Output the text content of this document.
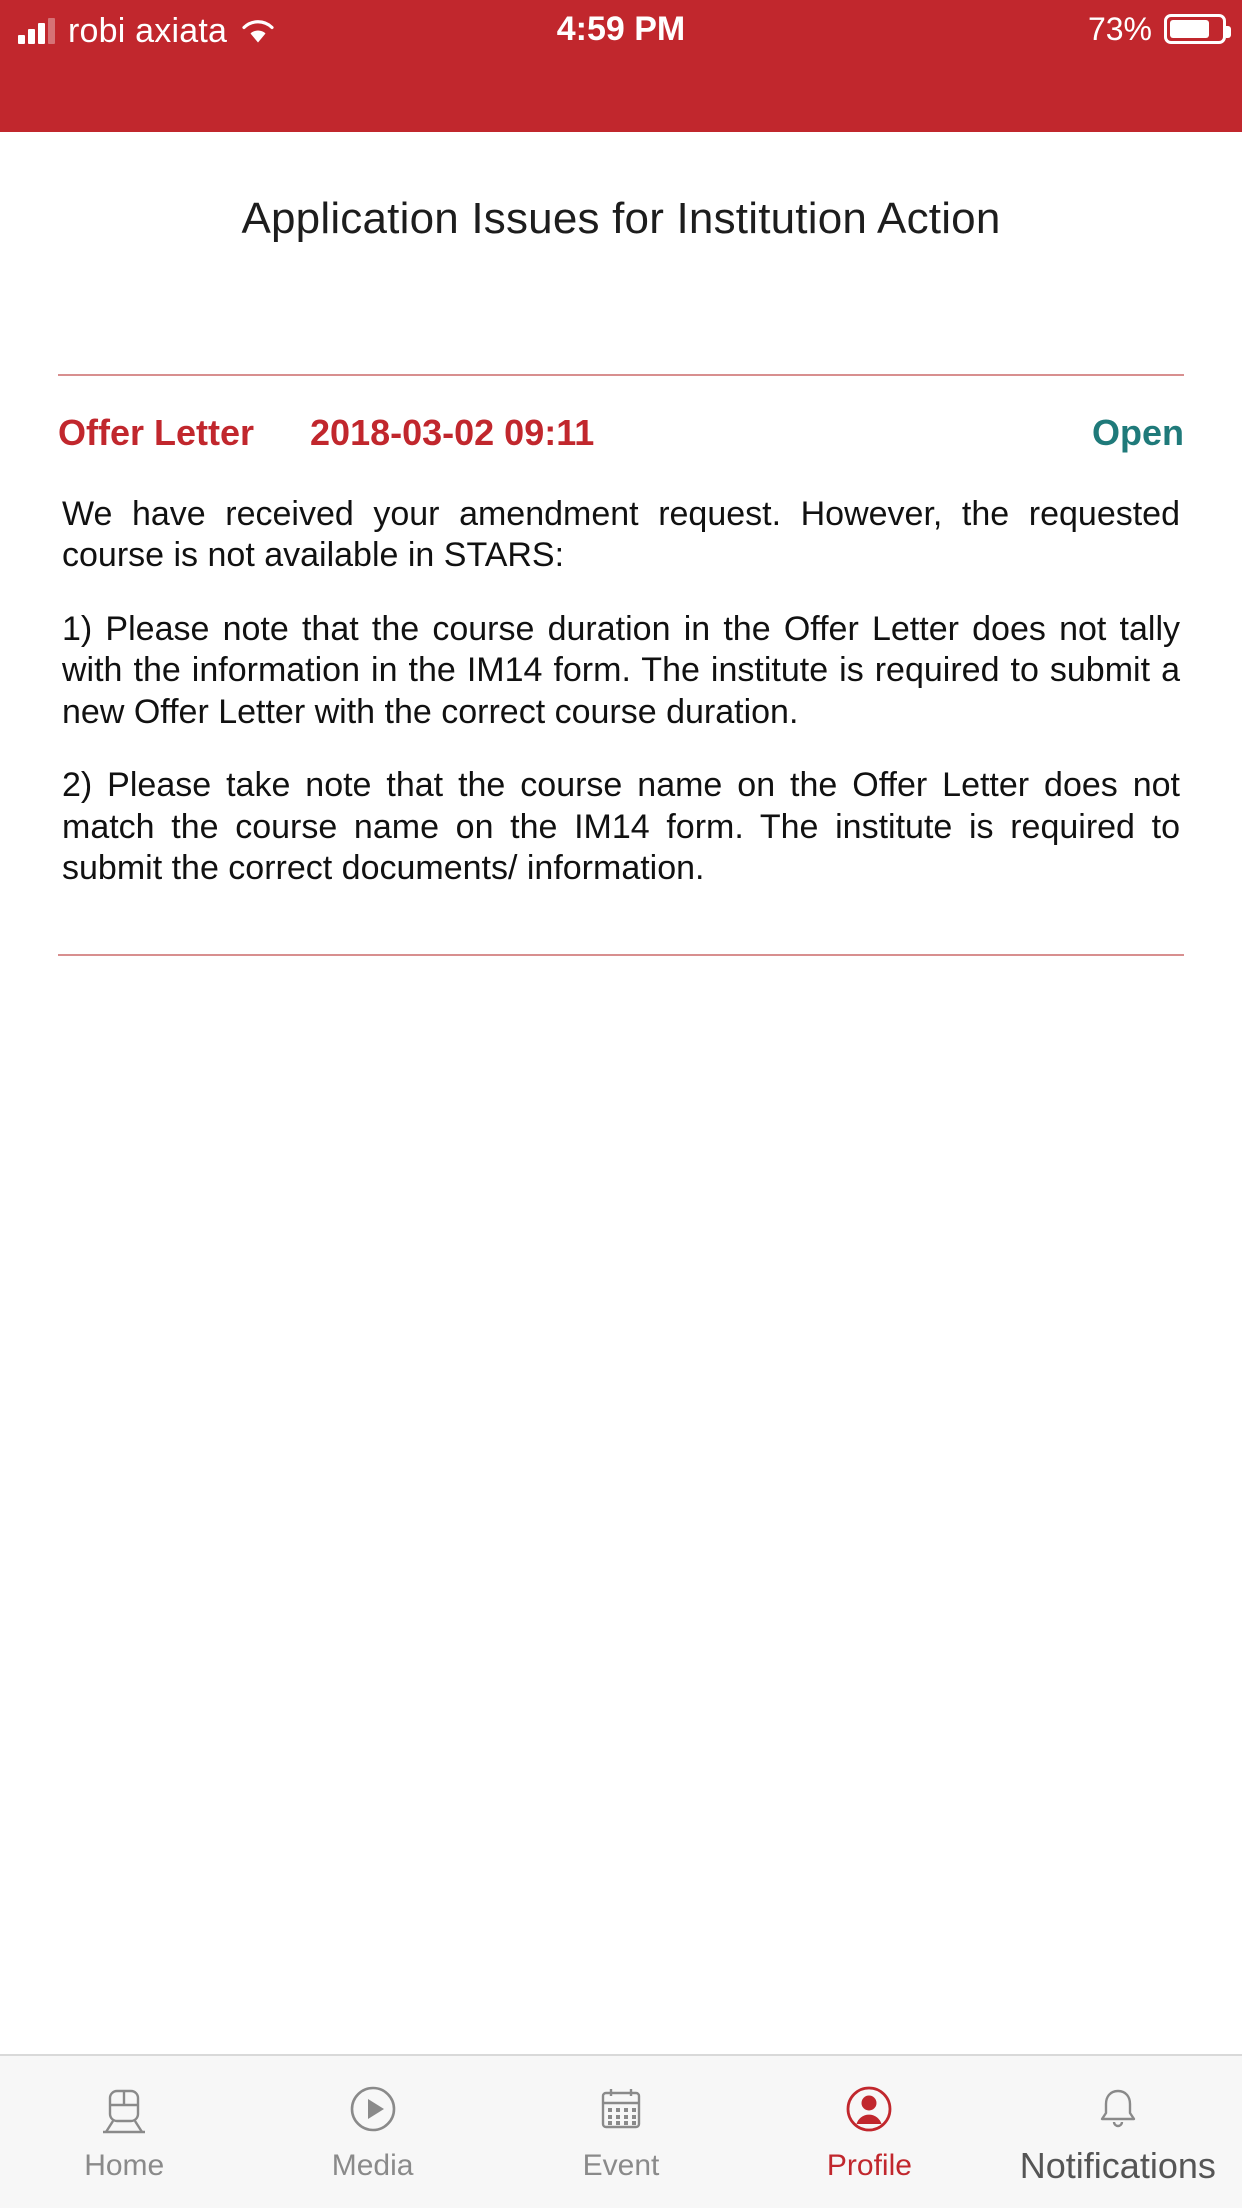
robi axiata	4:59 PM	73%
Application Issues for Institution Action
Offer Letter 2018-03-02 09:11	Open

We have received your amendment request. However, the requested course is not available in STARS:

1) Please note that the course duration in the Offer Letter does not tally with the information in the IM14 form. The institute is required to submit a new Offer Letter with the correct course duration.

2) Please take note that the course name on the Offer Letter does not match the course name on the IM14 form. The institute is required to submit the correct documents/ information.

Home	Media	Event	Profile	Notifications
